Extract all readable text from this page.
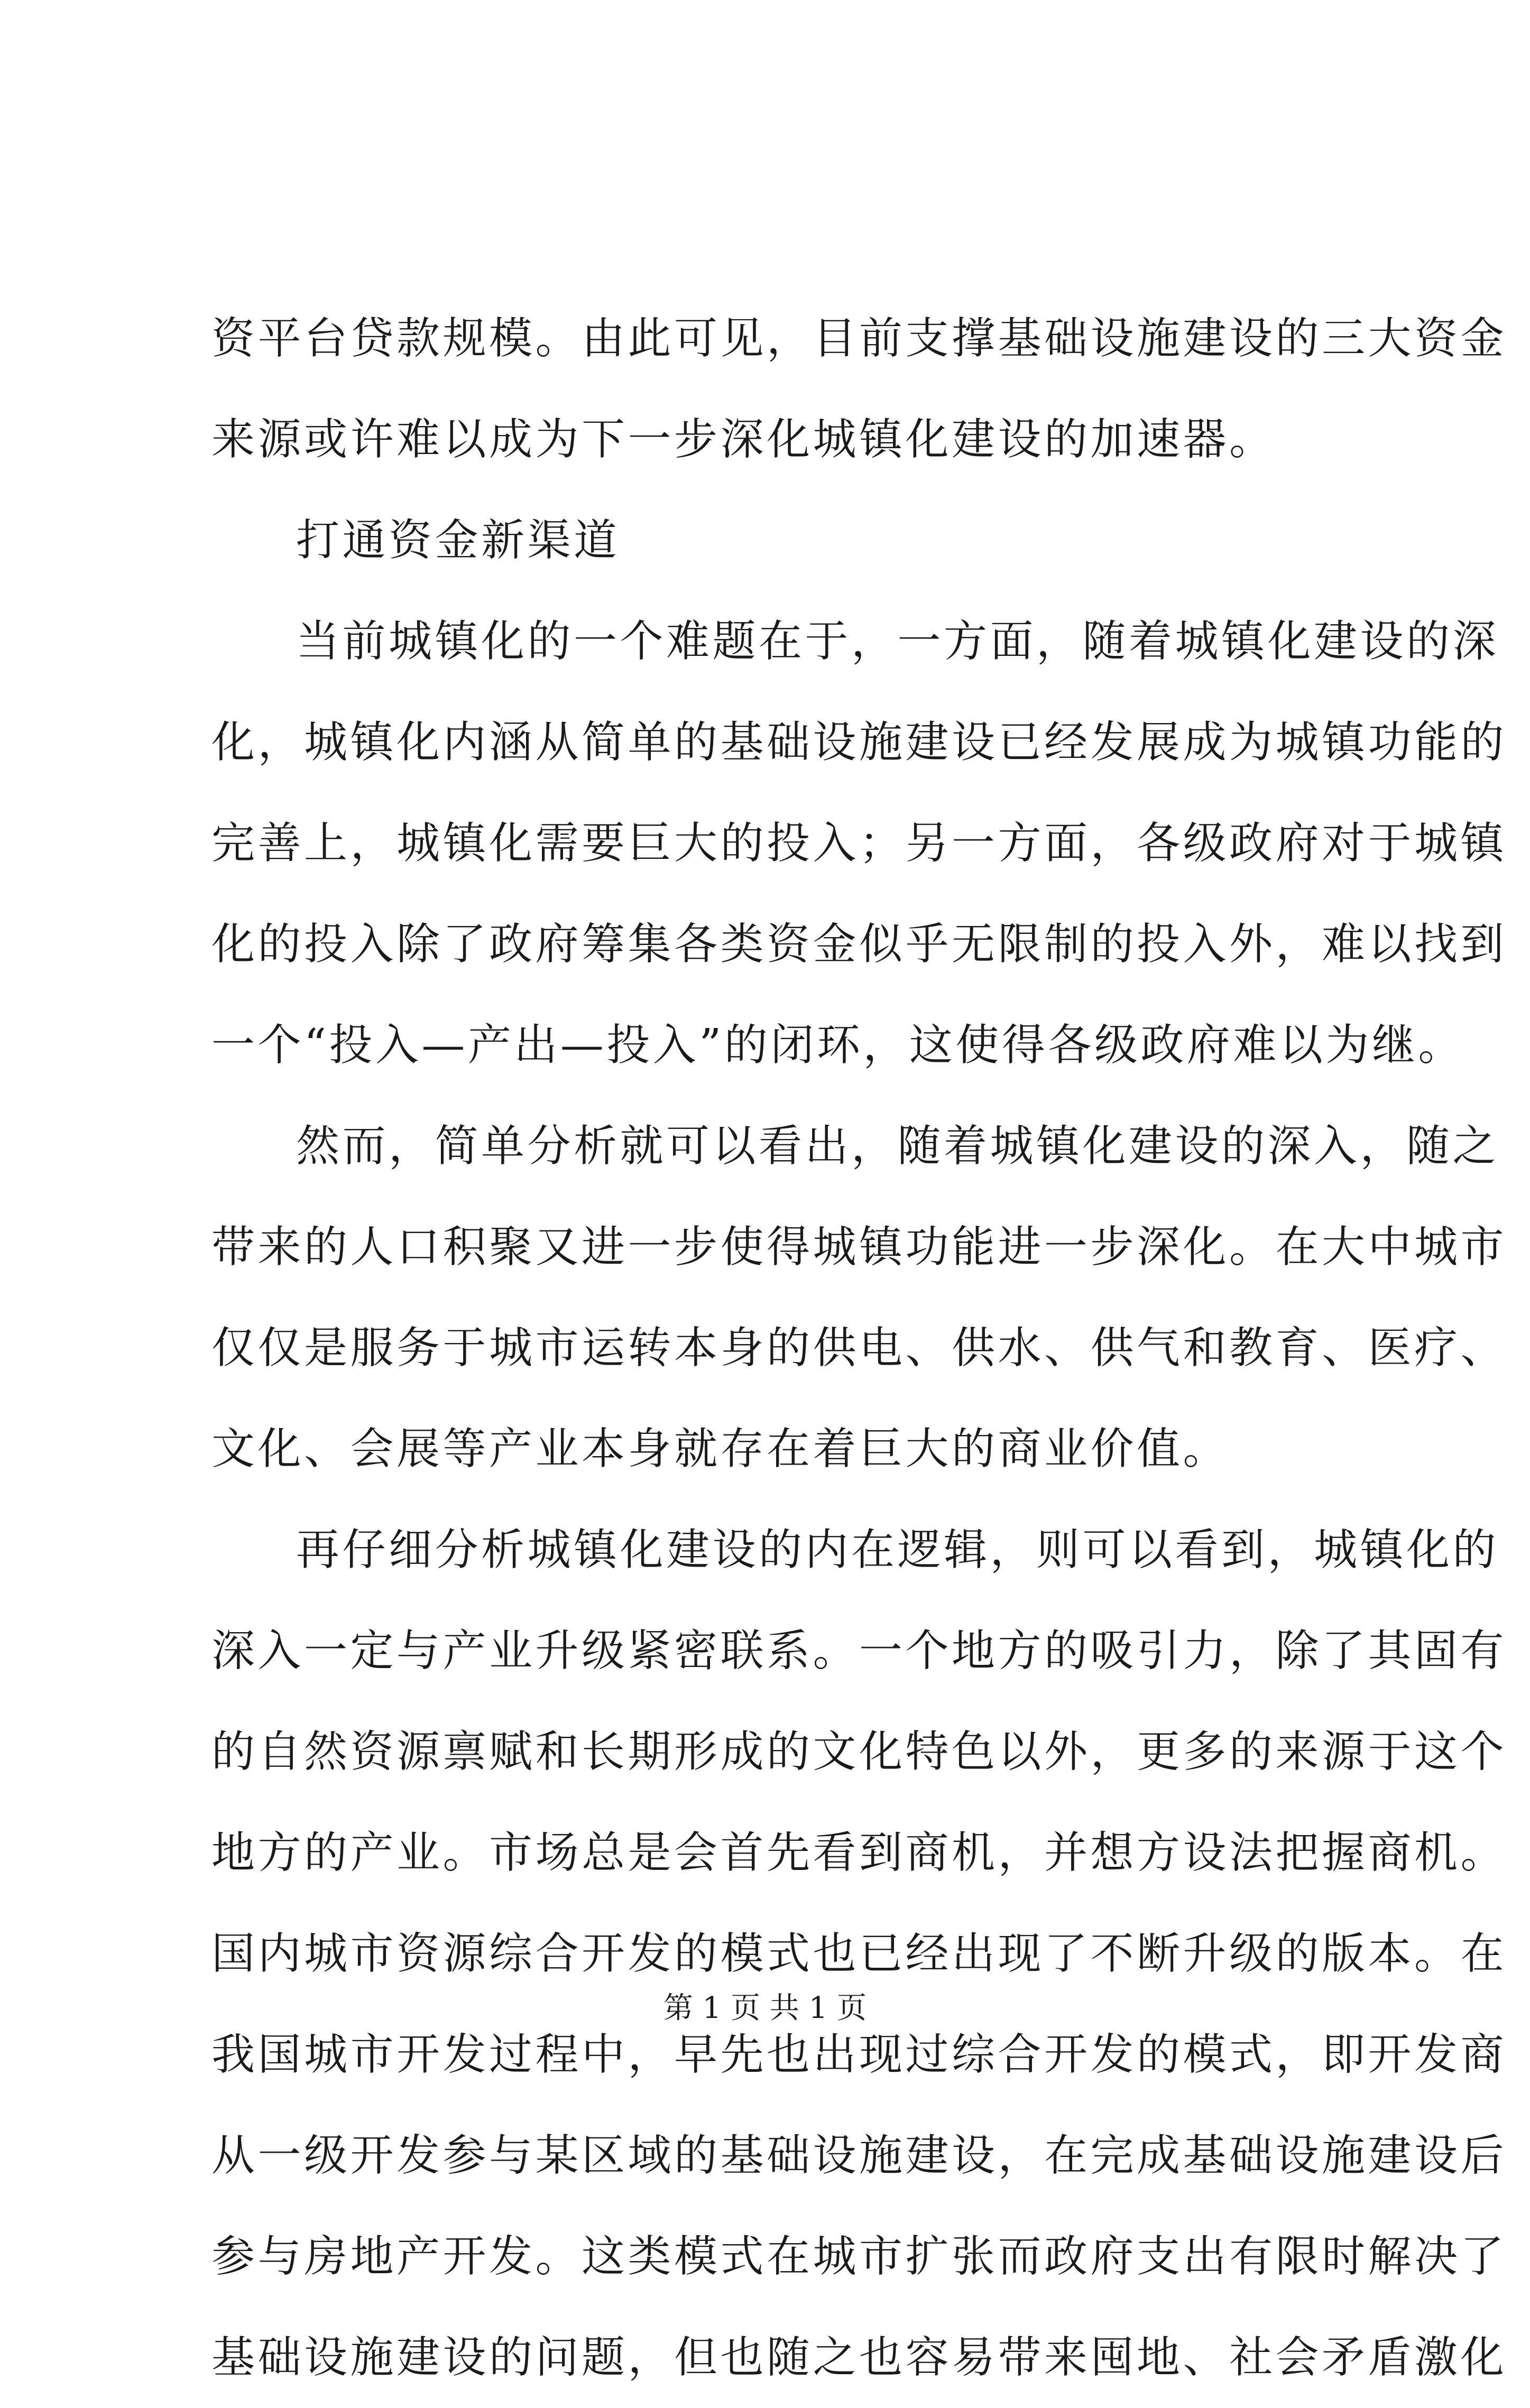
资平台贷款规模。由此可见，目前支撑基础设施建设的三大资金
来源或许难以成为下一步深化城镇化建设的加速器。
打通资金新渠道
当前城镇化的一个难题在于，一方面，随着城镇化建设的深
化，城镇化内涵从简单的基础设施建设已经发展成为城镇功能的
完善上，城镇化需要巨大的投入；另一方面，各级政府对于城镇
化的投入除了政府筹集各类资金似乎无限制的投入外，难以找到
一个“投入—产出—投入”的闭环，这使得各级政府难以为继。
然而，简单分析就可以看出，随着城镇化建设的深入，随之
带来的人口积聚又进一步使得城镇功能进一步深化。在大中城市
仅仅是服务于城市运转本身的供电、供水、供气和教育、医疗、
文化、会展等产业本身就存在着巨大的商业价值。
再仔细分析城镇化建设的内在逻辑，则可以看到，城镇化的
深入一定与产业升级紧密联系。一个地方的吸引力，除了其固有
的自然资源禀赋和长期形成的文化特色以外，更多的来源于这个
地方的产业。市场总是会首先看到商机，并想方设法把握商机。
国内城市资源综合开发的模式也已经出现了不断升级的版本。在
我国城市开发过程中，早先也出现过综合开发的模式，即开发商
从一级开发参与某区域的基础设施建设，在完成基础设施建设后
参与房地产开发。这类模式在城市扩张而政府支出有限时解决了
基础设施建设的问题，但也随之也容易带来囤地、社会矛盾激化
第 1 页 共 1 页
